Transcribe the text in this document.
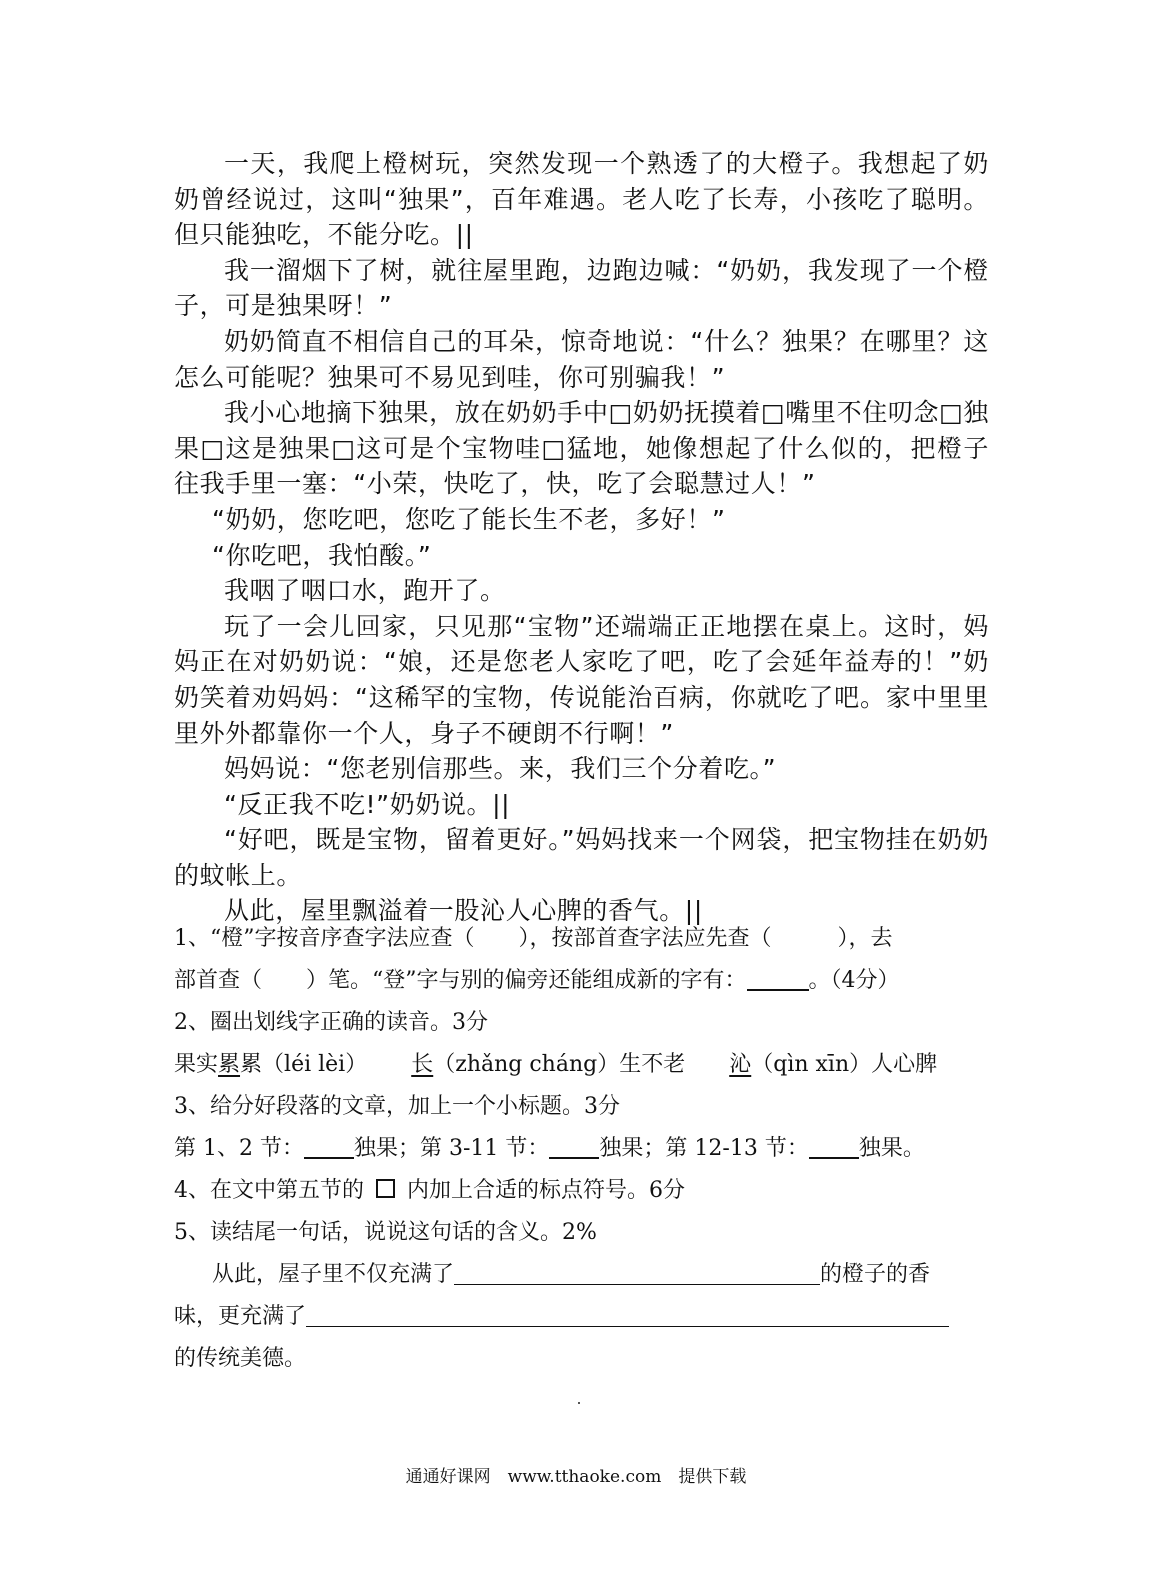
一天，我爬上橙树玩，突然发现一个熟透了的大橙子。我想起了奶奶曾经说过，这叫“独果”，百年难遇。老人吃了长寿，小孩吃了聪明。但只能独吃，不能分吃。||

我一溜烟下了树，就往屋里跑，边跑边喊：“奶奶，我发现了一个橙子，可是独果呀！”

奶奶简直不相信自己的耳朵，惊奇地说：“什么？独果？在哪里？这怎么可能呢？独果可不易见到哇，你可别骗我！”

我小心地摘下独果，放在奶奶手中□奶奶抚摸着□嘴里不住叨念□独果□这是独果□这可是个宝物哇□猛地，她像想起了什么似的，把橙子往我手里一塞：“小荣，快吃了，快，吃了会聪慧过人！”

“奶奶，您吃吧，您吃了能长生不老，多好！”

“你吃吧，我怕酸。”

我咽了咽口水，跑开了。

玩了一会儿回家，只见那“宝物”还端端正正地摆在桌上。这时，妈妈正在对奶奶说：“娘，还是您老人家吃了吧，吃了会延年益寿的！”奶奶笑着劝妈妈：“这稀罕的宝物，传说能治百病，你就吃了吧。家中里里里外外都靠你一个人，身子不硬朗不行啊！”

妈妈说：“您老别信那些。来，我们三个分着吃。”

“反正我不吃!”奶奶说。||

“好吧，既是宝物，留着更好。”妈妈找来一个网袋，把宝物挂在奶奶的蚊帐上。

从此，屋里飘溢着一股沁人心脾的香气。||

1、“橙”字按音序查字法应查（　　），按部首查字法应先查（　　　），去
部首查（　　）笔。“登”字与别的偏旁还能组成新的字有：	。（4分）
2、圈出划线字正确的读音。3分
果实累累（léi lèi） 长（zhǎng cháng）生不老 沁（qìn xīn）人心脾
3、给分好段落的文章，加上一个小标题。3分
第 1、2 节： 独果；第 3-11 节： 独果；第 12-13 节： 独果。
4、在文中第五节的 内加上合适的标点符号。6分
5、读结尾一句话，说说这句话的含义。2%
从此，屋子里不仅充满了	的橙子的香
味，更充满了
的传统美德。
通通好课网　www.tthaoke.com　提供下载
